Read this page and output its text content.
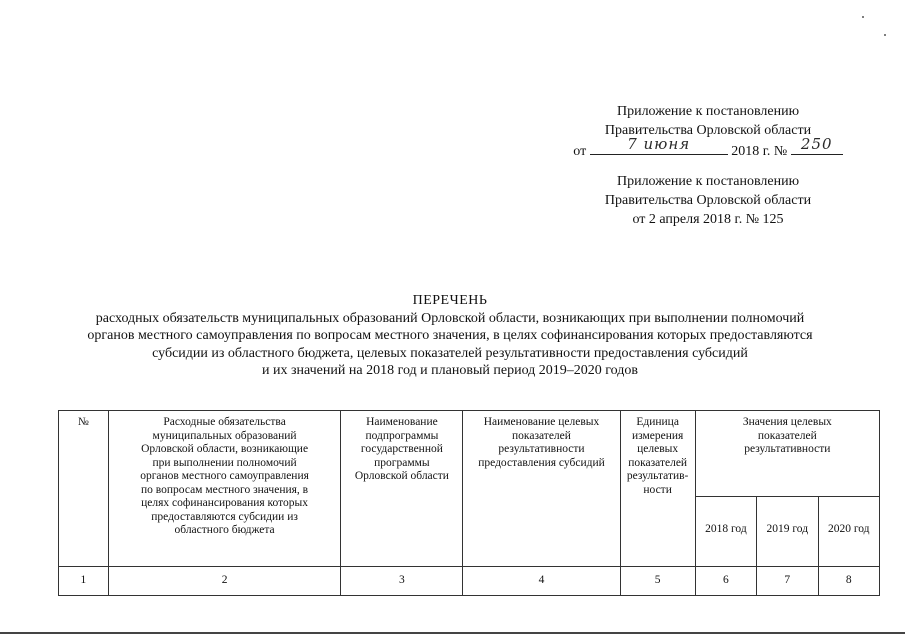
Приложение к постановлению
Правительства Орловской области
от	7 июня	2018 г. № 250
Приложение к постановлению
Правительства Орловской области
от 2 апреля 2018 г. № 125
ПЕРЕЧЕНЬ
расходных обязательств муниципальных образований Орловской области, возникающих при выполнении полномочий
органов местного самоуправления по вопросам местного значения, в целях софинансирования которых предоставляются
субсидии из областного бюджета, целевых показателей результативности предоставления субсидий
и их значений на 2018 год и плановый период 2019–2020 годов
№	Расходные обязательства муниципальных образований Орловской области, возникающие при выполнении полномочий органов местного самоуправления по вопросам местного значения, в целях софинансирования которых предоставляются субсидии из областного бюджета	Наименование подпрограммы государственной программы Орловской области	Наименование целевых показателей результативности предоставления субсидий	Единица измерения целевых показателей результатив-ности	Значения целевых показателей результативности		
					2018 год	2019 год	2020 год
1	2	3	4	5	6	7	8
